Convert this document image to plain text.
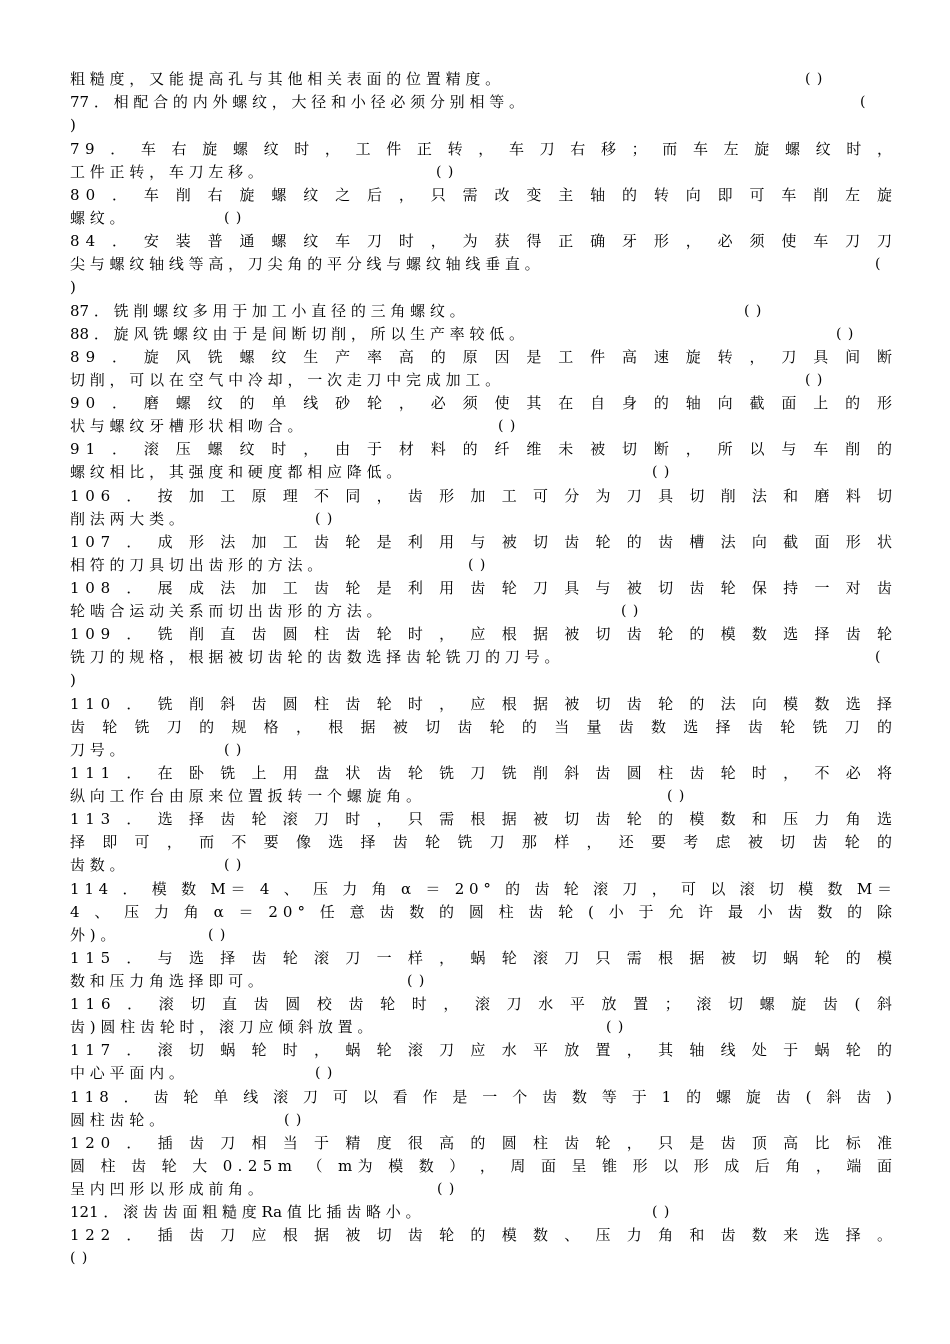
粗 糙 度 ， 又 能 提 高 孔 与 其 他 相 关 表 面 的 位 置 精 度 。	( )
77 ． 相 配 合 的 内 外 螺 纹 ， 大 径 和 小 径 必 须 分 别 相 等 。	(
)
79 ． 车 右 旋 螺 纹 时 ， 工 件 正 转 ， 车 刀 右 移 ； 而 车 左 旋 螺 纹 时 ，
工 件 正 转 ， 车 刀 左 移 。	( )
80 ． 车 削 右 旋 螺 纹 之 后 ， 只 需 改 变 主 轴 的 转 向 即 可 车 削 左 旋
螺 纹 。	( )
84 ． 安 装 普 通 螺 纹 车 刀 时 ， 为 获 得 正 确 牙 形 ， 必 须 使 车 刀 刀
尖 与 螺 纹 轴 线 等 高 ， 刀 尖 角 的 平 分 线 与 螺 纹 轴 线 垂 直 。	(
)
87 ． 铣 削 螺 纹 多 用 于 加 工 小 直 径 的 三 角 螺 纹 。	( )
88 ． 旋 风 铣 螺 纹 由 于 是 间 断 切 削 ， 所 以 生 产 率 较 低 。	( )
89 ． 旋 风 铣 螺 纹 生 产 率 高 的 原 因 是 工 件 高 速 旋 转 ， 刀 具 间 断
切 削 ， 可 以 在 空 气 中 冷 却 ， 一 次 走 刀 中 完 成 加 工 。	( )
90 ． 磨 螺 纹 的 单 线 砂 轮 ， 必 须 使 其 在 自 身 的 轴 向 截 面 上 的 形
状 与 螺 纹 牙 槽 形 状 相 吻 合 。	( )
91 ． 滚 压 螺 纹 时 ， 由 于 材 料 的 纤 维 未 被 切 断 ， 所 以 与 车 削 的
螺 纹 相 比 ， 其 强 度 和 硬 度 都 相 应 降 低 。	( )
106 ． 按 加 工 原 理 不 同 ， 齿 形 加 工 可 分 为 刀 具 切 削 法 和 磨 料 切
削 法 两 大 类 。	( )
107 ． 成 形 法 加 工 齿 轮 是 利 用 与 被 切 齿 轮 的 齿 槽 法 向 截 面 形 状
相 符 的 刀 具 切 出 齿 形 的 方 法 。	( )
108 ． 展 成 法 加 工 齿 轮 是 利 用 齿 轮 刀 具 与 被 切 齿 轮 保 持 一 对 齿
轮 啮 合 运 动 关 系 而 切 出 齿 形 的 方 法 。	( )
109 ． 铣 削 直 齿 圆 柱 齿 轮 时 ， 应 根 据 被 切 齿 轮 的 模 数 选 择 齿 轮
铣 刀 的 规 格 ， 根 据 被 切 齿 轮 的 齿 数 选 择 齿 轮 铣 刀 的 刀 号 。	(
)
110 ． 铣 削 斜 齿 圆 柱 齿 轮 时 ， 应 根 据 被 切 齿 轮 的 法 向 模 数 选 择
齿 轮 铣 刀 的 规 格 ， 根 据 被 切 齿 轮 的 当 量 齿 数 选 择 齿 轮 铣 刀 的
刀 号 。	( )
111 ． 在 卧 铣 上 用 盘 状 齿 轮 铣 刀 铣 削 斜 齿 圆 柱 齿 轮 时 ， 不 必 将
纵 向 工 作 台 由 原 来 位 置 扳 转 一 个 螺 旋 角 。	( )
113 ． 选 择 齿 轮 滚 刀 时 ， 只 需 根 据 被 切 齿 轮 的 模 数 和 压 力 角 选
择 即 可 ， 而 不 要 像 选 择 齿 轮 铣 刀 那 样 ， 还 要 考 虑 被 切 齿 轮 的
齿 数 。	( )
114 ． 模 数 M＝ 4 、 压 力 角 α ＝ 20° 的 齿 轮 滚 刀 ， 可 以 滚 切 模 数 M＝
4 、 压 力 角 α ＝ 20° 任 意 齿 数 的 圆 柱 齿 轮 ( 小 于 允 许 最 小 齿 数 的 除
外 ) 。	( )
115 ． 与 选 择 齿 轮 滚 刀 一 样 ， 蜗 轮 滚 刀 只 需 根 据 被 切 蜗 轮 的 模
数 和 压 力 角 选 择 即 可 。	( )
116 ． 滚 切 直 齿 圆 校 齿 轮 时 ， 滚 刀 水 平 放 置 ； 滚 切 螺 旋 齿 ( 斜
齿 ) 圆 柱 齿 轮 时 ， 滚 刀 应 倾 斜 放 置 。	( )
117 ． 滚 切 蜗 轮 时 ， 蜗 轮 滚 刀 应 水 平 放 置 ， 其 轴 线 处 于 蜗 轮 的
中 心 平 面 内 。	( )
118 ． 齿 轮 单 线 滚 刀 可 以 看 作 是 一 个 齿 数 等 于 1 的 螺 旋 齿 ( 斜 齿 )
圆 柱 齿 轮 。	( )
120 ． 插 齿 刀 相 当 于 精 度 很 高 的 圆 柱 齿 轮 ， 只 是 齿 顶 高 比 标 准
圆 柱 齿 轮 大 0.25m （ m为 模 数 ） ， 周 面 呈 锥 形 以 形 成 后 角 ， 端 面
呈 内 凹 形 以 形 成 前 角 。	( )
121 ． 滚 齿 齿 面 粗 糙 度 Ra 值 比 插 齿 略 小 。	( )
122 ． 插 齿 刀 应 根 据 被 切 齿 轮 的 模 数 、 压 力 角 和 齿 数 来 选 择 。
( )
